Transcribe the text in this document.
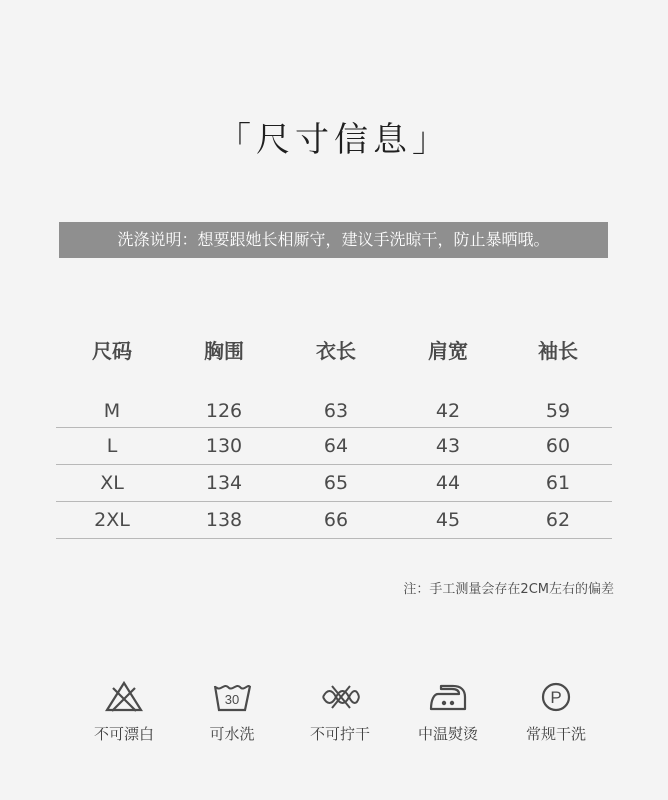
「尺寸信息」
洗涤说明：想要跟她长相厮守，建议手洗晾干，防止暴晒哦。
尺码	胸围	衣长	肩宽	袖长
M	126	63	42	59
L	130	64	43	60
XL	134	65	44	61
2XL	138	66	45	62
注：手工测量会存在2CM左右的偏差
不可漂白
30
可水洗	不可拧干	中温熨烫
P
常规干洗
